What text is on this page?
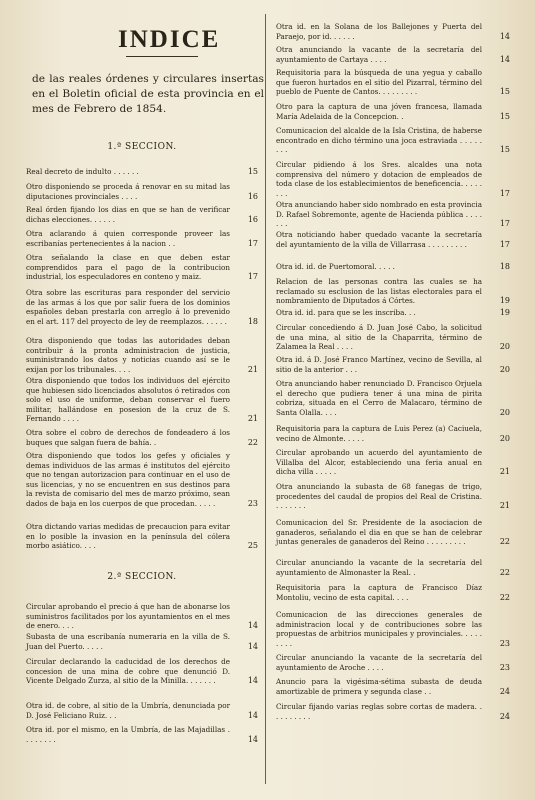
INDICE
de las reales órdenes y circulares insertas en el Boletin oficial de esta provincia en el mes de Febrero de 1854.
1.ª SECCION.
Real decreto de indulto . . . . . .	15
Otro disponiendo se proceda á renovar en su mitad las diputaciones provinciales . . . .	16
Real órden fijando los dias en que se han de verificar dichas elecciones. . . . . .	16
Otra aclarando á quien corresponde proveer las escribanías pertenecientes á la nacion . .	17
Otra señalando la clase en que deben estar comprendidos para el pago de la contribucion industrial, los especuladores en conteno y maiz.	17
Otra sobre las escrituras para responder del servicio de las armas á los que por salir fuera de los dominios españoles deban prestarla con arreglo á lo prevenido en el art. 117 del proyecto de ley de reemplazos. . . . . .	18
Otra disponiendo que todas las autoridades deban contribuir á la pronta administracion de justicia, suministrando los datos y noticias cuando así se le exijan por los tribunales. . . .	21
Otra disponiendo que todos los individuos del ejército que hubiesen sido licenciados absolutos ó retirados con solo el uso de uniforme, deban conservar el fuero militar, hallándose en posesion de la cruz de S. Fernando . . . .	21
Otra sobre el cobro de derechos de fondeadero á los buques que salgan fuera de bahía. .	22
Otra disponiendo que todos los gefes y oficiales y demas individuos de las armas é institutos del ejército que no tengan autorizacion para continuar en el uso de sus licencias, y no se encuentren en sus destinos para la revista de comisario del mes de marzo próximo, sean dados de baja en los cuerpos de que procedan. . . . .	23
Otra dictando varias medidas de precaucion para evitar en lo posible la invasion en la península del cólera morbo asiático. . . .	25
2.ª SECCION.
Circular aprobando el precio á que han de abonarse los suministros facilitados por los ayuntamientos en el mes de enero. . . .	14
Subasta de una escribanía numeraria en la villa de S. Juan del Puerto. . . . .	14
Circular declarando la caducidad de los derechos de concesion de una mina de cobre que denunció D. Vicente Delgado Zurza, al sitio de la Minilla. . . . . . .	14
Otra id. de cobre, al sitio de la Umbría, denunciada por D. José Feliciano Ruiz. . .	14
Otra id. por el mismo, en la Umbría, de las Majadillas . . . . . . . .	14
Otra id. en la Solana de los Ballejones y Puerta del Paraejo, por id. . . . . .	14
Otra anunciando la vacante de la secretaría del ayuntamiento de Cartaya . . . .	14
Requisitoria para la búsqueda de una yegua y caballo que fueron hurtados en el sitio del Pizarral, término del pueblo de Puente de Cantos. . . . . . . . .	15
Otro para la captura de una jóven francesa, llamada María Adelaida de la Concepcion. .	15
Comunicacion del alcalde de la Isla Cristina, de haberse encontrado en dicho término una joca estraviada . . . . . . . .	15
Circular pidiendo á los Sres. alcaldes una nota comprensiva del número y dotacion de empleados de toda clase de los establecimientos de beneficencia. . . . . . . .	17
Otra anunciando haber sido nombrado en esta provincia D. Rafael Sobremonte, agente de Hacienda pública . . . . . . .	17
Otra noticiando haber quedado vacante la secretaría del ayuntamiento de la villa de Villarrasa . . . . . . . . .	17
Otra id. id. de Puertomoral. . . . .	18
Relacion de las personas contra las cuales se ha reclamado su esclusion de las listas electorales para el nombramiento de Diputados á Córtes.	19
Otra id. id. para que se les inscriba. . .	19
Circular concediendo á D. Juan José Cabo, la solicitud de una mina, al sitio de la Chaparrita, término de Zalamea la Real . . . .	20
Otra id. á D. José Franco Martínez, vecino de Sevilla, al sitio de la anterior . . .	20
Otra anunciando haber renunciado D. Francisco Orjuela el derecho que pudiera tener á una mina de pirita cobriza, situada en el Cerro de Malacaro, término de Santa Olalla. . . .	20
Requisitoria para la captura de Luis Perez (a) Caciuela, vecino de Almonte. . . . .	20
Circular aprobando un acuerdo del ayuntamiento de Villalba del Alcor, estableciendo una feria anual en dicha villa . . . . .	21
Otra anunciando la subasta de 68 fanegas de trigo, procedentes del caudal de propios del Real de Cristina. . . . . . . .	21
Comunicacion del Sr. Presidente de la asociacion de ganaderos, señalando el dia en que se han de celebrar juntas generales de ganaderos del Reino . . . . . . . . .	22
Circular anunciando la vacante de la secretaría del ayuntamiento de Almonaster la Real. .	22
Requisitoria para la captura de Francisco Díaz Montoliu, vecino de esta capital. . . .	22
Comunicacion de las direcciones generales de administracion local y de contribuciones sobre las propuestas de arbitrios municipales y provinciales. . . . . . . . .	23
Circular anunciando la vacante de la secretaría del ayuntamiento de Aroche . . . .	23
Anuncio para la vigésima-sétima subasta de deuda amortizable de primera y segunda clase . .	24
Circular fijando varias reglas sobre cortas de madera. . . . . . . . . .	24
